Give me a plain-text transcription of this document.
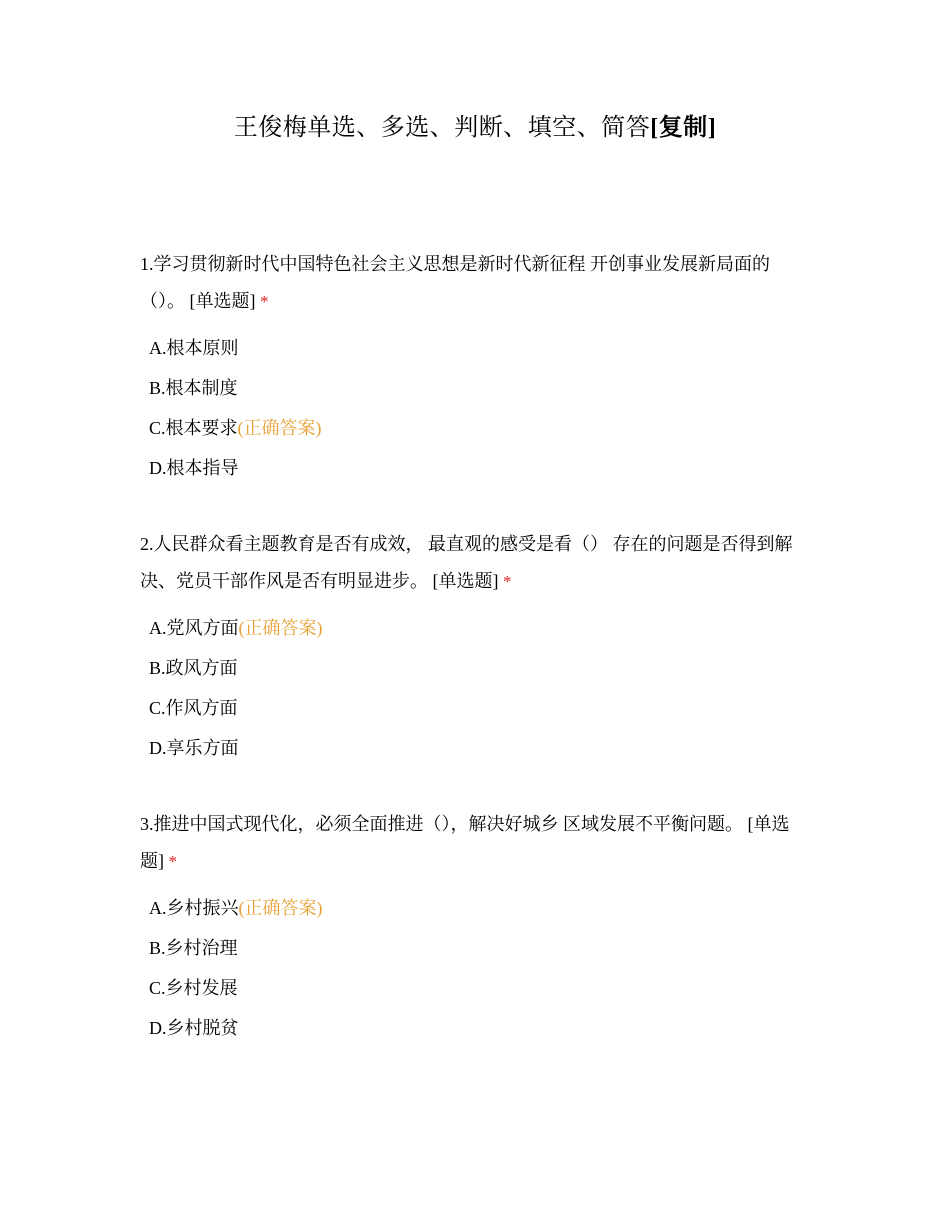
王俊梅单选、多选、判断、填空、简答[复制]

1.学习贯彻新时代中国特色社会主义思想是新时代新征程 开创事业发展新局面的（）。 [单选题] *

A.根本原则
B.根本制度
C.根本要求(正确答案)
D.根本指导

2.人民群众看主题教育是否有成效， 最直观的感受是看（） 存在的问题是否得到解决、党员干部作风是否有明显进步。 [单选题] *

A.党风方面(正确答案)
B.政风方面
C.作风方面
D.享乐方面

3.推进中国式现代化，必须全面推进（），解决好城乡 区域发展不平衡问题。 [单选题] *

A.乡村振兴(正确答案)
B.乡村治理
C.乡村发展
D.乡村脱贫
